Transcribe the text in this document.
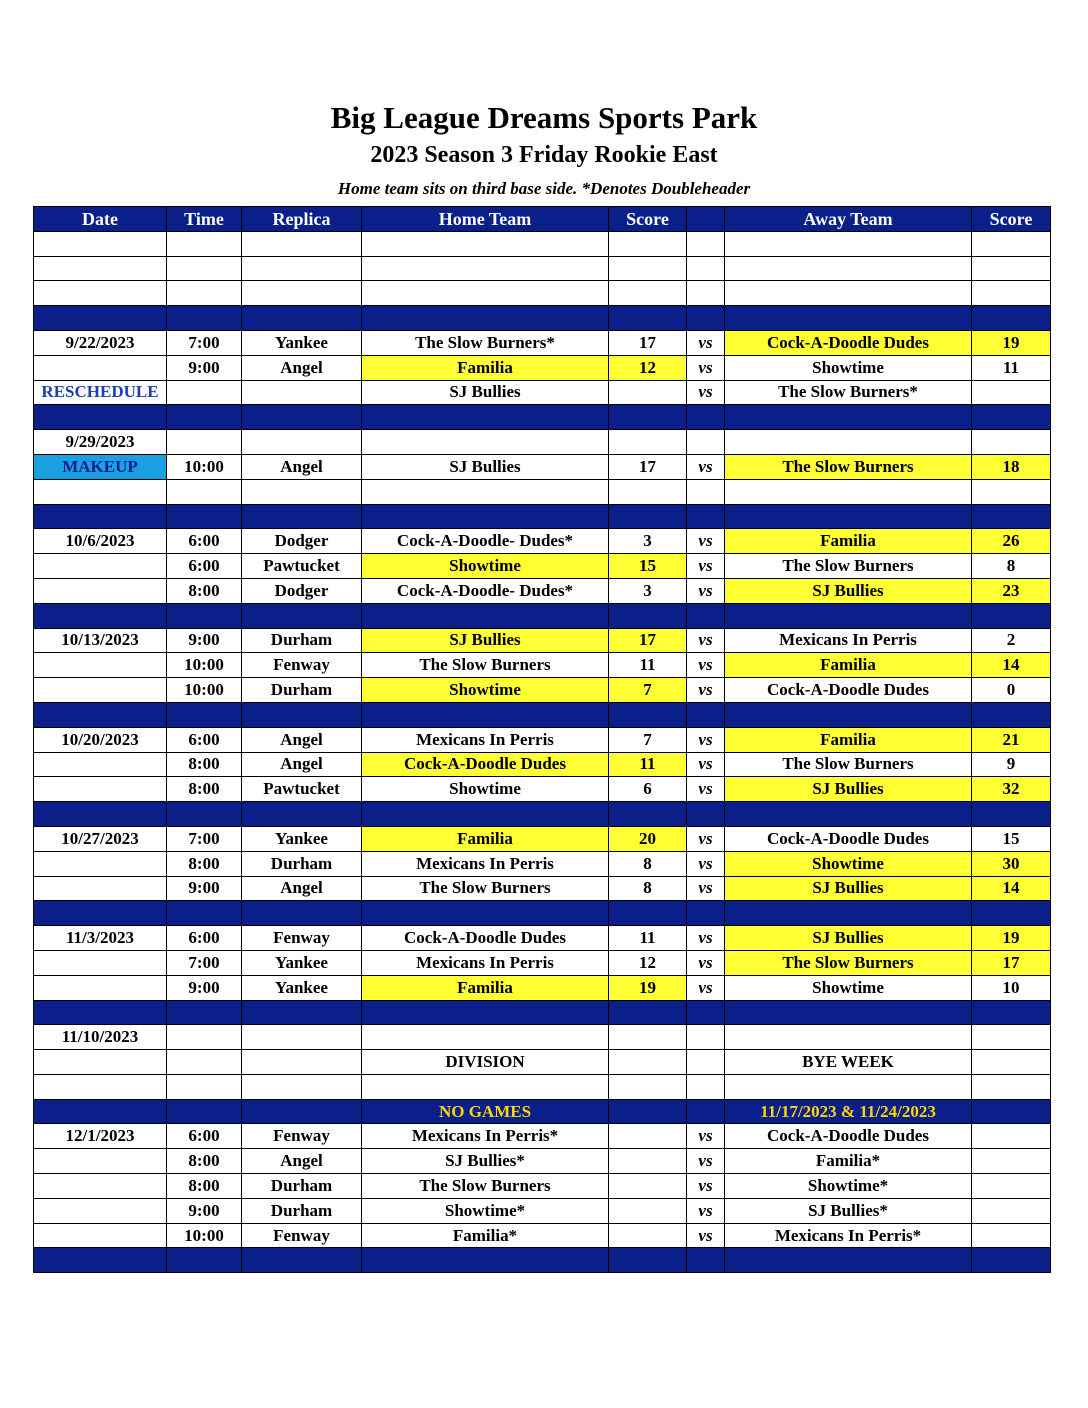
Big League Dreams Sports Park
2023 Season 3 Friday Rookie East
Home team sits on third base side. *Denotes Doubleheader
Date	Time	Replica	Home Team	Score		Away Team	Score

9/22/2023	7:00	Yankee	The Slow Burners*	17	vs	Cock-A-Doodle Dudes	19
	9:00	Angel	Familia	12	vs	Showtime	11
RESCHEDULE			SJ Bullies		vs	The Slow Burners*	

9/29/2023							
MAKEUP	10:00	Angel	SJ Bullies	17	vs	The Slow Burners	18

10/6/2023	6:00	Dodger	Cock-A-Doodle- Dudes*	3	vs	Familia	26
	6:00	Pawtucket	Showtime	15	vs	The Slow Burners	8
	8:00	Dodger	Cock-A-Doodle- Dudes*	3	vs	SJ Bullies	23

10/13/2023	9:00	Durham	SJ Bullies	17	vs	Mexicans In Perris	2
	10:00	Fenway	The Slow Burners	11	vs	Familia	14
	10:00	Durham	Showtime	7	vs	Cock-A-Doodle Dudes	0

10/20/2023	6:00	Angel	Mexicans In Perris	7	vs	Familia	21
	8:00	Angel	Cock-A-Doodle Dudes	11	vs	The Slow Burners	9
	8:00	Pawtucket	Showtime	6	vs	SJ Bullies	32

10/27/2023	7:00	Yankee	Familia	20	vs	Cock-A-Doodle Dudes	15
	8:00	Durham	Mexicans In Perris	8	vs	Showtime	30
	9:00	Angel	The Slow Burners	8	vs	SJ Bullies	14

11/3/2023	6:00	Fenway	Cock-A-Doodle Dudes	11	vs	SJ Bullies	19
	7:00	Yankee	Mexicans In Perris	12	vs	The Slow Burners	17
	9:00	Yankee	Familia	19	vs	Showtime	10

11/10/2023							
			DIVISION			BYE WEEK	

			NO GAMES			11/17/2023 & 11/24/2023	
12/1/2023	6:00	Fenway	Mexicans In Perris*		vs	Cock-A-Doodle Dudes	
	8:00	Angel	SJ Bullies*		vs	Familia*	
	8:00	Durham	The Slow Burners		vs	Showtime*	
	9:00	Durham	Showtime*		vs	SJ Bullies*	
	10:00	Fenway	Familia*		vs	Mexicans In Perris*	
